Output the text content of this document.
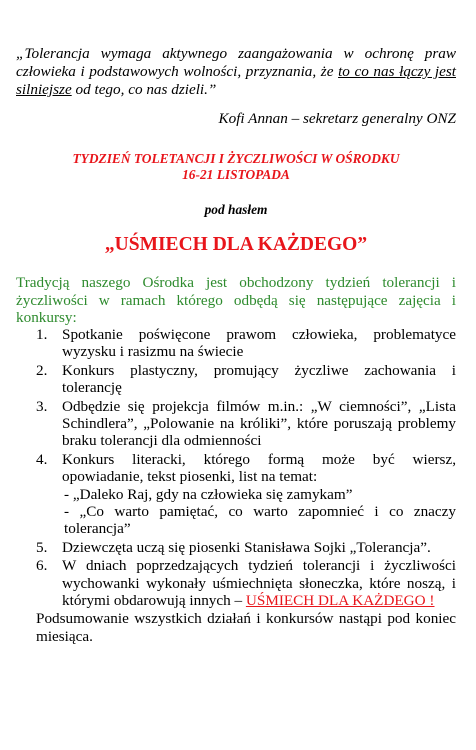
„Tolerancja wymaga aktywnego zaangażowania w ochronę praw człowieka i podstawowych wolności, przyznania, że to co nas łączy jest silniejsze od tego, co nas dzieli.”
Kofi Annan – sekretarz generalny ONZ
TYDZIEŃ TOLETANCJI I ŻYCZLIWOŚCI W OŚRODKU
16-21 LISTOPADA
pod hasłem
„UŚMIECH DLA KAŻDEGO”
Tradycją naszego Ośrodka jest obchodzony tydzień tolerancji i życzliwości w ramach którego odbędą się następujące zajęcia i konkursy:
1. Spotkanie poświęcone prawom człowieka, problematyce wyzysku i rasizmu na świecie
2. Konkurs plastyczny, promujący życzliwe zachowania i tolerancję
3. Odbędzie się projekcja filmów m.in.: „W ciemności”, „Lista Schindlera”, „Polowanie na króliki”, które poruszają problemy braku tolerancji dla odmienności
4. Konkurs literacki, którego formą może być wiersz, opowiadanie, tekst piosenki, list na temat:
- „Daleko Raj, gdy na człowieka się zamykam”
- „Co warto pamiętać, co warto zapomnieć i co znaczy tolerancja”
5. Dziewczęta uczą się piosenki Stanisława Sojki „Tolerancja”.
6. W dniach poprzedzających tydzień tolerancji i życzliwości wychowanki wykonały uśmiechnięta słoneczka, które noszą, i którymi obdarowują innych – UŚMIECH DLA KAŻDEGO !
Podsumowanie wszystkich działań i konkursów nastąpi pod koniec miesiąca.
